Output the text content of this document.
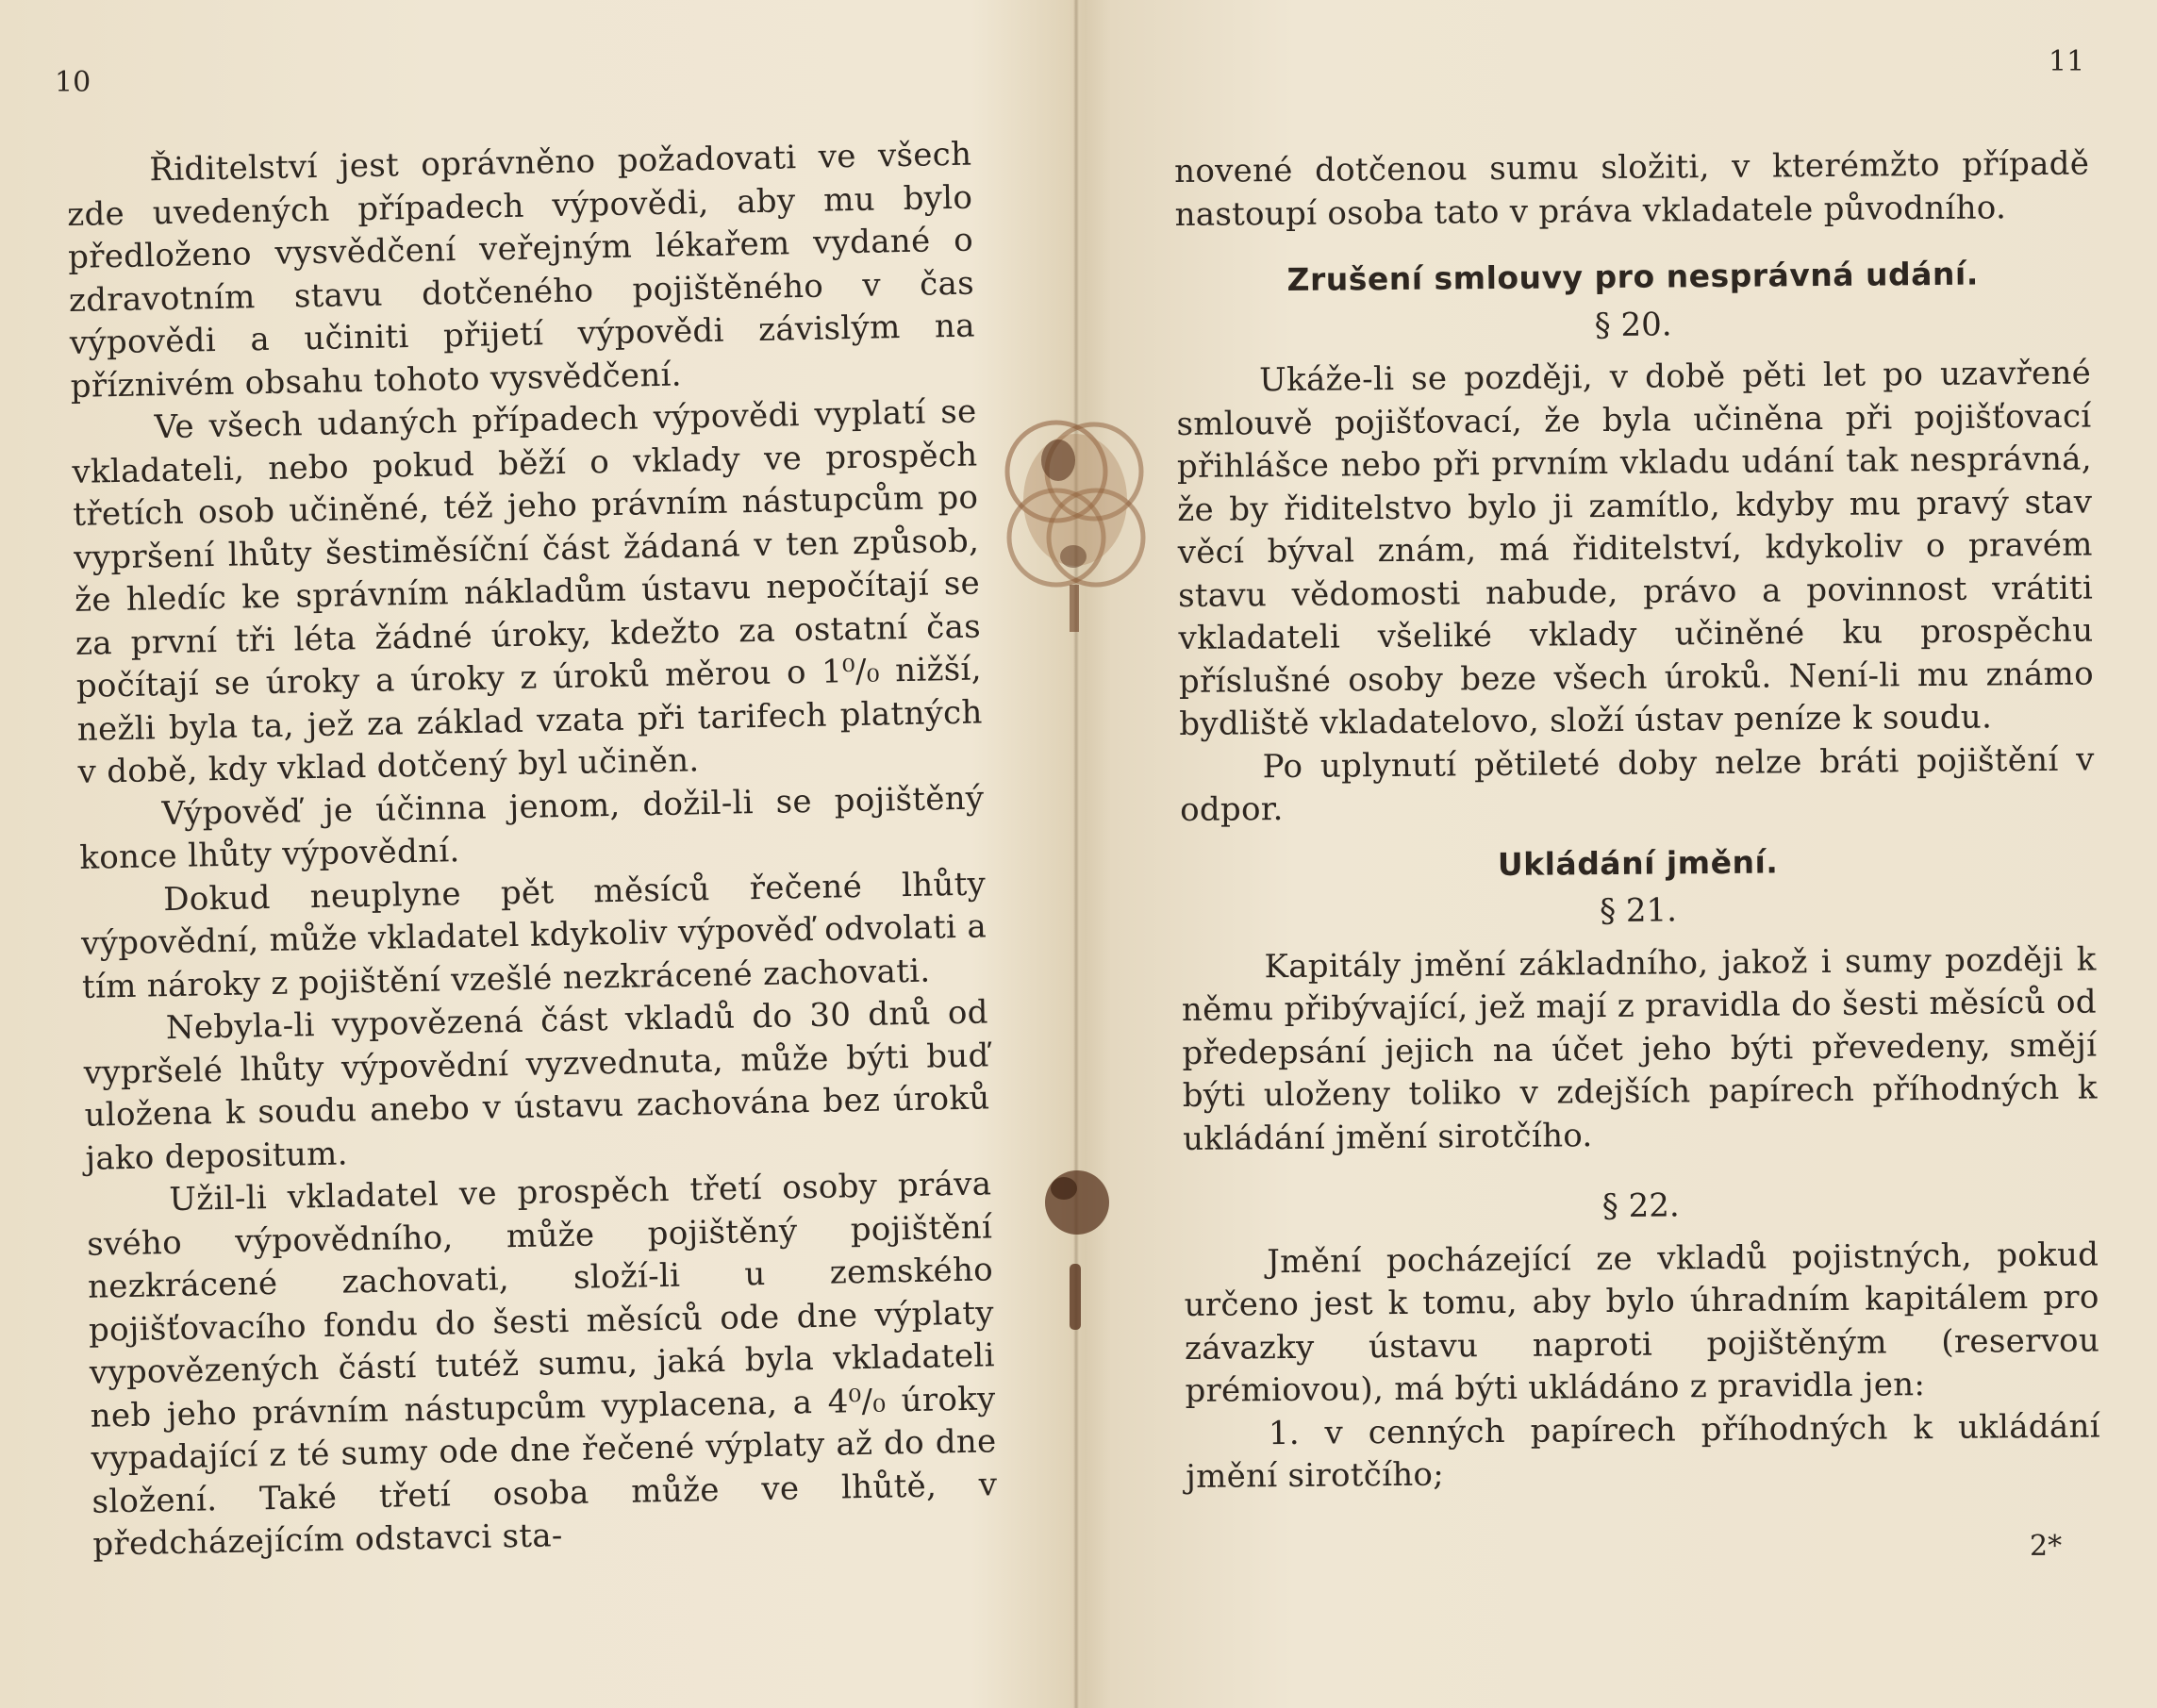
10

Řiditelství jest oprávněno požadovati ve všech zde uvedených případech výpovědi, aby mu bylo předloženo vysvědčení veřejným lékařem vydané o zdravotním stavu dotčeného pojištěného v čas výpovědi a učiniti přijetí výpovědi závislým na příznivém obsahu tohoto vysvědčení.

Ve všech udaných případech výpovědi vyplatí se vkladateli, nebo pokud běží o vklady ve prospěch třetích osob učiněné, též jeho právním nástupcům po vypršení lhůty šestiměsíční část žádaná v ten způsob, že hledíc ke správním nákladům ústavu nepočítají se za první tři léta žádné úroky, kdežto za ostatní čas počítají se úroky a úroky z úroků měrou o 1⁰/₀ nižší, nežli byla ta, jež za základ vzata při tarifech platných v době, kdy vklad dotčený byl učiněn.

Výpověď je účinna jenom, dožil-li se pojištěný konce lhůty výpovědní.

Dokud neuplyne pět měsíců řečené lhůty výpovědní, může vkladatel kdykoliv výpověď odvolati a tím nároky z pojištění vzešlé nezkrácené zachovati.

Nebyla-li vypovězená část vkladů do 30 dnů od vypršelé lhůty výpovědní vyzvednuta, může býti buď uložena k soudu anebo v ústavu zachována bez úroků jako depositum.

Užil-li vkladatel ve prospěch třetí osoby práva svého výpovědního, může pojištěný pojištění nezkrácené zachovati, složí-li u zemského pojišťovacího fondu do šesti měsíců ode dne výplaty vypovězených částí tutéž sumu, jaká byla vkladateli neb jeho právním nástupcům vyplacena, a 4⁰/₀ úroky vypadající z té sumy ode dne řečené výplaty až do dne složení. Také třetí osoba může ve lhůtě, v předcházejícím odstavci sta-

11

novené dotčenou sumu složiti, v kterémžto případě nastoupí osoba tato v práva vkladatele původního.

Zrušení smlouvy pro nesprávná udání.
§ 20.

Ukáže-li se později, v době pěti let po uzavřené smlouvě pojišťovací, že byla učiněna při pojišťovací přihlášce nebo při prvním vkladu udání tak nesprávná, že by řiditelstvo bylo ji zamítlo, kdyby mu pravý stav věcí býval znám, má řiditelství, kdykoliv o pravém stavu vědomosti nabude, právo a povinnost vrátiti vkladateli všeliké vklady učiněné ku prospěchu příslušné osoby beze všech úroků. Není-li mu známo bydliště vkladatelovo, složí ústav peníze k soudu.

Po uplynutí pětileté doby nelze bráti pojištění v odpor.

Ukládání jmění.
§ 21.

Kapitály jmění základního, jakož i sumy později k němu přibývající, jež mají z pravidla do šesti měsíců od předepsání jejich na účet jeho býti převedeny, smějí býti uloženy toliko v zdejších papírech příhodných k ukládání jmění sirotčího.

§ 22.

Jmění pocházející ze vkladů pojistných, pokud určeno jest k tomu, aby bylo úhradním kapitálem pro závazky ústavu naproti pojištěným (reservou prémiovou), má býti ukládáno z pravidla jen:

1. v cenných papírech příhodných k ukládání jmění sirotčího;

2*
